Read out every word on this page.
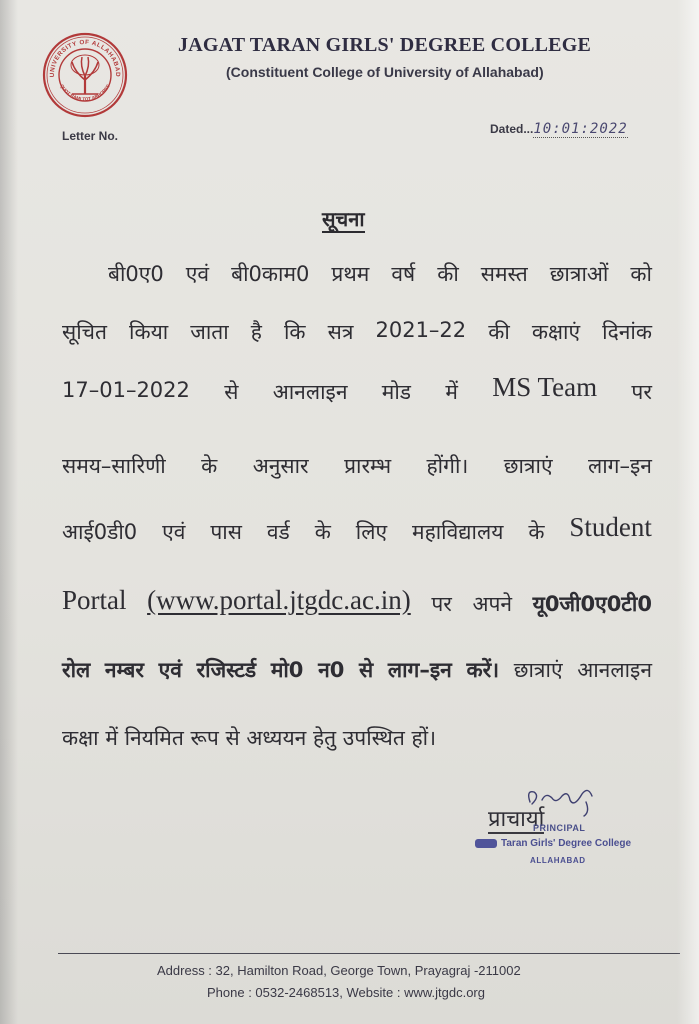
UNIVERSITY OF ALLAHABAD
QUOT RAMI TOT ARBORES
JAGAT TARAN GIRLS' DEGREE COLLEGE
(Constituent College of University of Allahabad)
Letter No.	Dated...10:01:2022
सूचना
बी0ए0 एवं बी0काम0 प्रथम वर्ष की समस्त छात्राओं को
सूचित किया जाता है कि सत्र 2021–22 की कक्षाएं दिनांक
17–01–2022 से आनलाइन मोड में MS Team पर
समय–सारिणी के अनुसार प्रारम्भ होंगी। छात्राएं लाग–इन
आई0डी0 एवं पास वर्ड के लिए महाविद्यालय के Student
Portal (www.portal.jtgdc.ac.in) पर अपने यू0जी0ए0टी0
रोल नम्बर एवं रजिस्टर्ड मो0 न0 से लाग–इन करें। छात्राएं आनलाइन
कक्षा
में
नियमित
रूप
से
अध्ययन
हेतु
उपस्थित
हों।
प्राचार्या
PRINCIPAL
Taran Girls' Degree College
ALLAHABAD
Address : 32, Hamilton Road, George Town, Prayagraj -211002
Phone : 0532-2468513, Website : www.jtgdc.org
